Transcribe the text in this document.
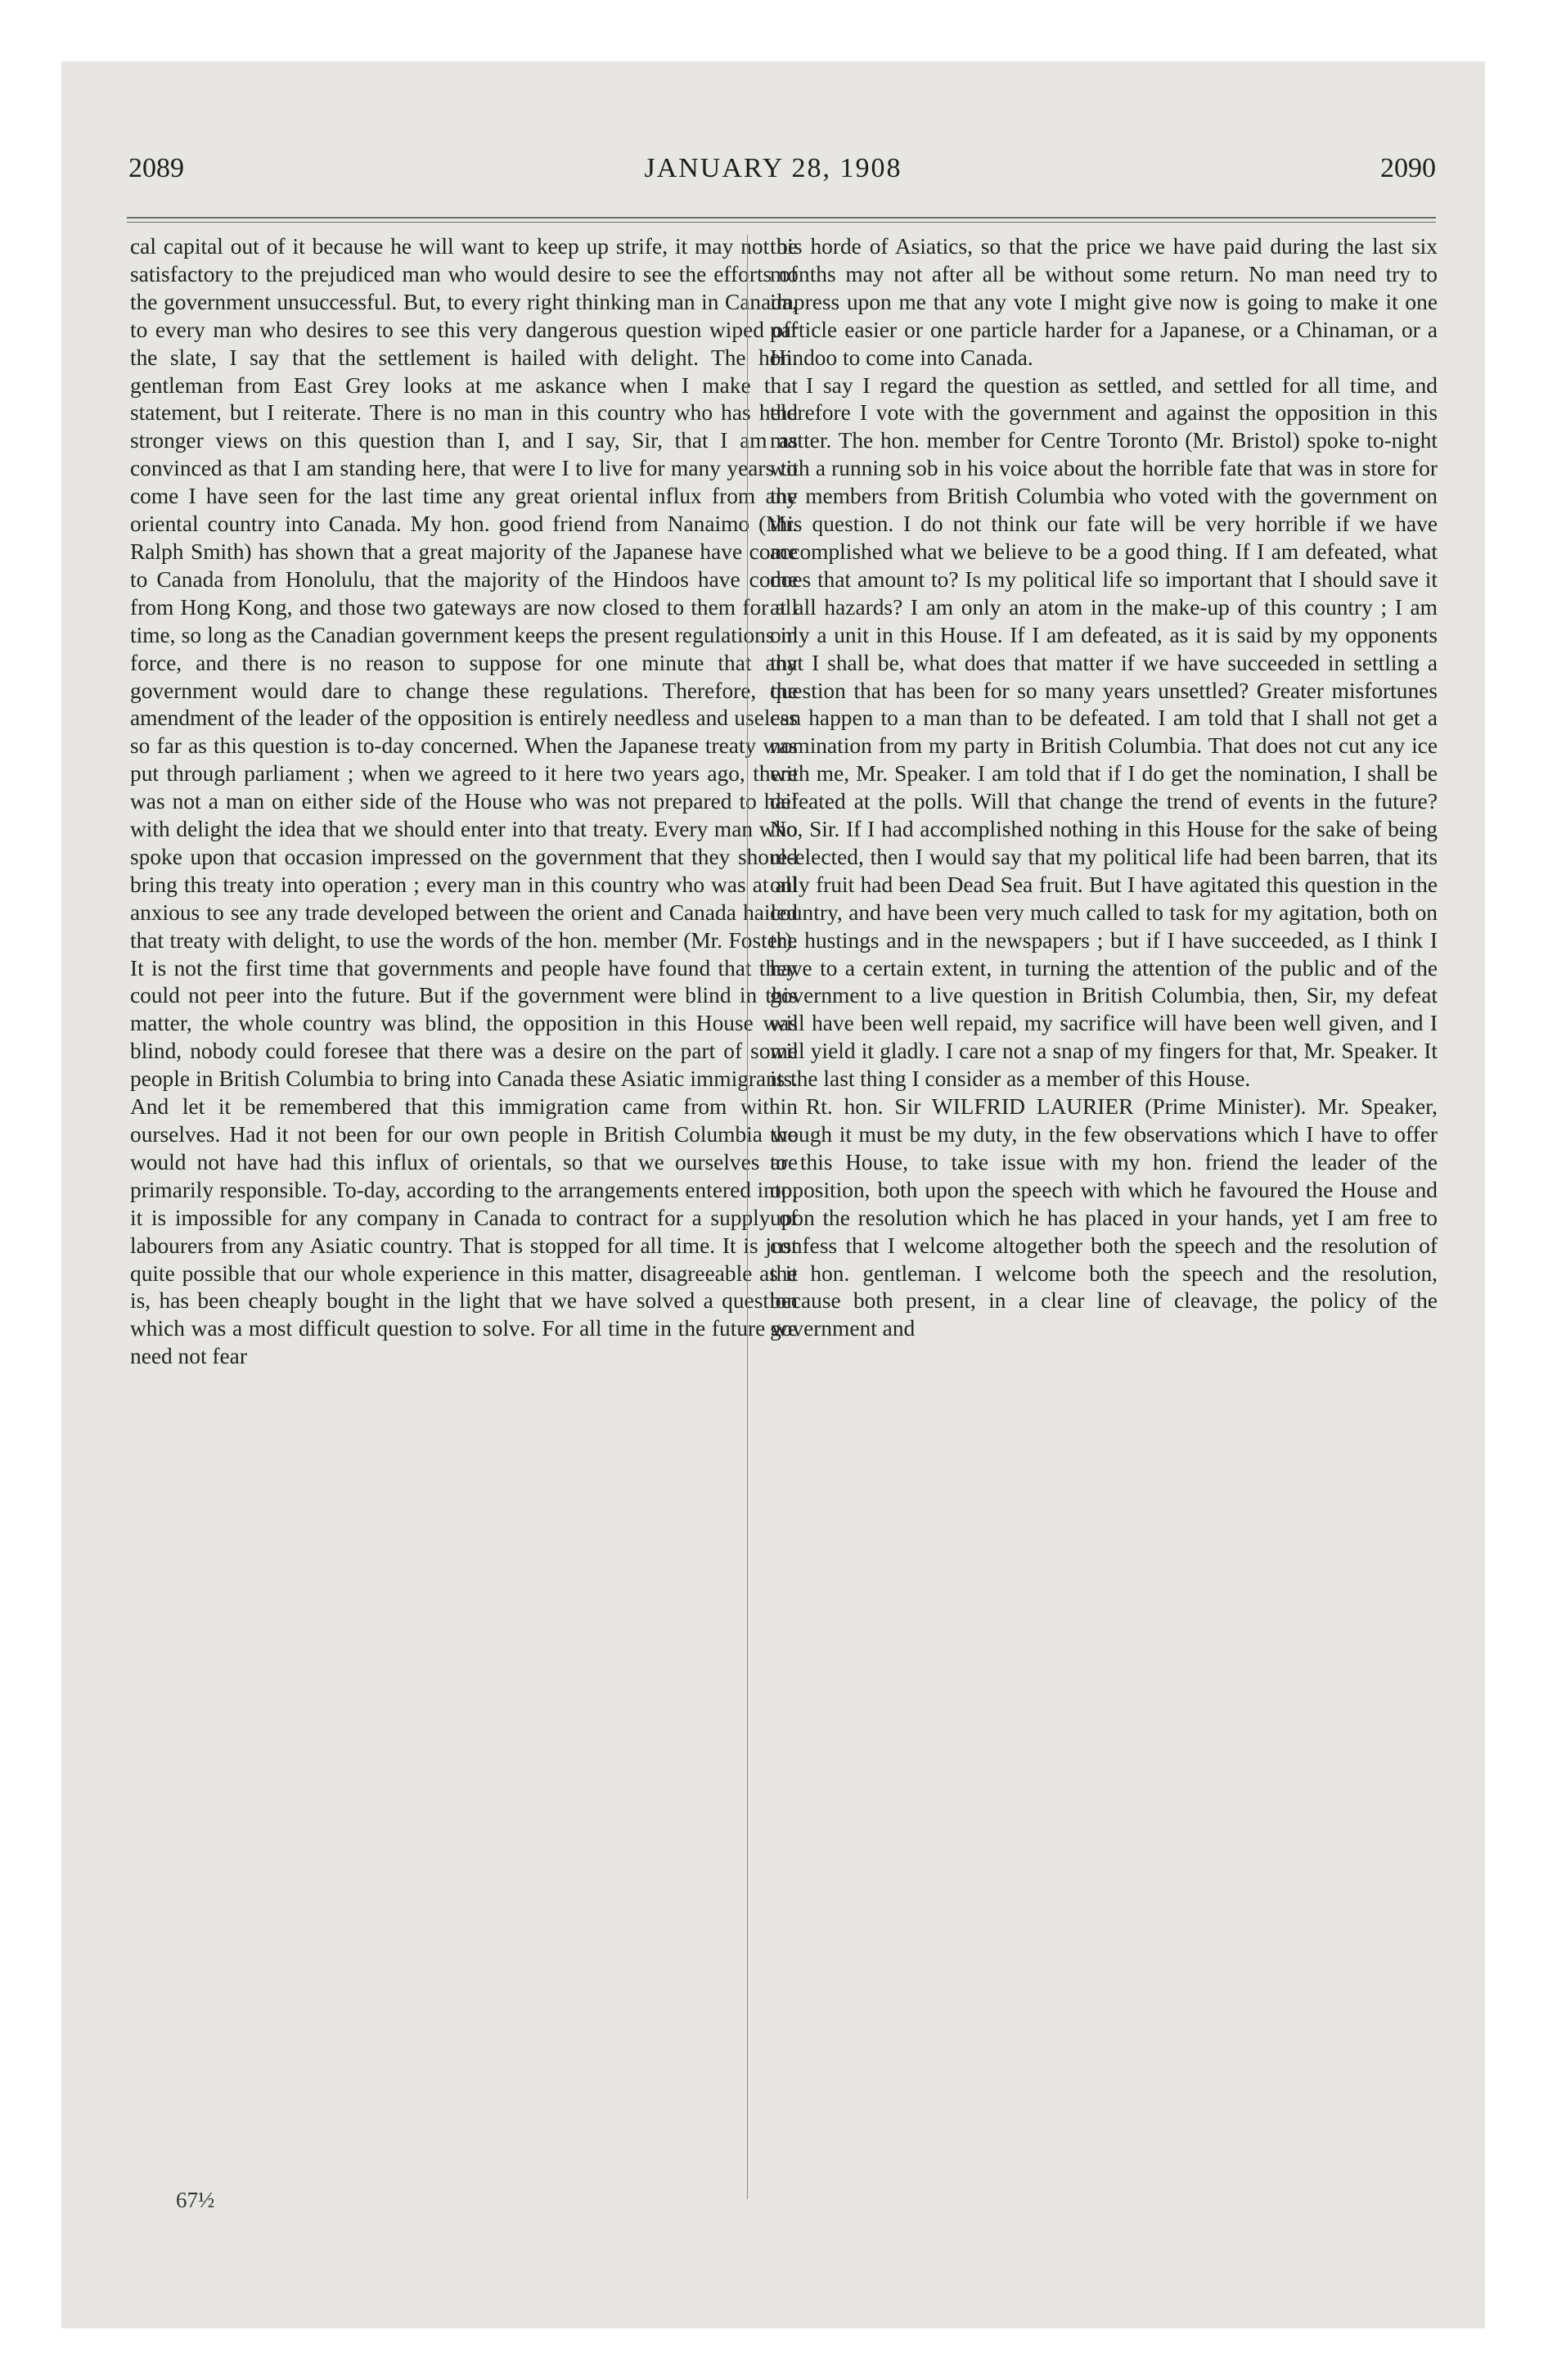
2089	JANUARY 28, 1908	2090

cal capital out of it because he will want to keep up strife, it may not be satisfactory to the prejudiced man who would desire to see the efforts of the government unsuccessful. But, to every right thinking man in Canada, to every man who desires to see this very dangerous question wiped off the slate, I say that the settlement is hailed with delight. The hon. gentleman from East Grey looks at me askance when I make that statement, but I reiterate. There is no man in this country who has held stronger views on this question than I, and I say, Sir, that I am as convinced as that I am standing here, that were I to live for many years to come I have seen for the last time any great oriental influx from any oriental country into Canada. My hon. good friend from Nanaimo (Mr. Ralph Smith) has shown that a great majority of the Japanese have come to Canada from Honolulu, that the majority of the Hindoos have come from Hong Kong, and those two gateways are now closed to them for all time, so long as the Canadian government keeps the present regulations in force, and there is no reason to suppose for one minute that any government would dare to change these regulations. Therefore, the amendment of the leader of the opposition is entirely needless and useless so far as this question is to-day concerned. When the Japanese treaty was put through parliament ; when we agreed to it here two years ago, there was not a man on either side of the House who was not prepared to hail with delight the idea that we should enter into that treaty. Every man who spoke upon that occasion impressed on the government that they should bring this treaty into operation ; every man in this country who was at all anxious to see any trade developed between the orient and Canada hailed that treaty with delight, to use the words of the hon. member (Mr. Foster). It is not the first time that governments and people have found that they could not peer into the future. But if the government were blind in this matter, the whole country was blind, the opposition in this House was blind, nobody could foresee that there was a desire on the part of some people in British Columbia to bring into Canada these Asiatic immigrants. And let it be remembered that this immigration came from within ourselves. Had it not been for our own people in British Columbia we would not have had this influx of orientals, so that we ourselves are primarily responsible. To-day, according to the arrangements entered into, it is impossible for any company in Canada to contract for a supply of labourers from any Asiatic country. That is stopped for all time. It is just quite possible that our whole experience in this matter, disagreeable as it is, has been cheaply bought in the light that we have solved a question which was a most difficult question to solve. For all time in the future we need not fear

this horde of Asiatics, so that the price we have paid during the last six months may not after all be without some return. No man need try to impress upon me that any vote I might give now is going to make it one particle easier or one particle harder for a Japanese, or a Chinaman, or a Hindoo to come into Canada.

I say I regard the question as settled, and settled for all time, and therefore I vote with the government and against the opposition in this matter. The hon. member for Centre Toronto (Mr. Bristol) spoke to-night with a running sob in his voice about the horrible fate that was in store for the members from British Columbia who voted with the government on this question. I do not think our fate will be very horrible if we have accomplished what we believe to be a good thing. If I am defeated, what does that amount to? Is my political life so important that I should save it at all hazards? I am only an atom in the make-up of this country ; I am only a unit in this House. If I am defeated, as it is said by my opponents that I shall be, what does that matter if we have succeeded in settling a question that has been for so many years unsettled? Greater misfortunes can happen to a man than to be defeated. I am told that I shall not get a nomination from my party in British Columbia. That does not cut any ice with me, Mr. Speaker. I am told that if I do get the nomination, I shall be defeated at the polls. Will that change the trend of events in the future? No, Sir. If I had accomplished nothing in this House for the sake of being re-elected, then I would say that my political life had been barren, that its only fruit had been Dead Sea fruit. But I have agitated this question in the country, and have been very much called to task for my agitation, both on the hustings and in the newspapers ; but if I have succeeded, as I think I have to a certain extent, in turning the attention of the public and of the government to a live question in British Columbia, then, Sir, my defeat will have been well repaid, my sacrifice will have been well given, and I will yield it gladly. I care not a snap of my fingers for that, Mr. Speaker. It is the last thing I consider as a member of this House.

Rt. hon. Sir WILFRID LAURIER (Prime Minister). Mr. Speaker, though it must be my duty, in the few observations which I have to offer to this House, to take issue with my hon. friend the leader of the opposition, both upon the speech with which he favoured the House and upon the resolution which he has placed in your hands, yet I am free to confess that I welcome altogether both the speech and the resolution of the hon. gentleman. I welcome both the speech and the resolution, because both present, in a clear line of cleavage, the policy of the government and

67½
